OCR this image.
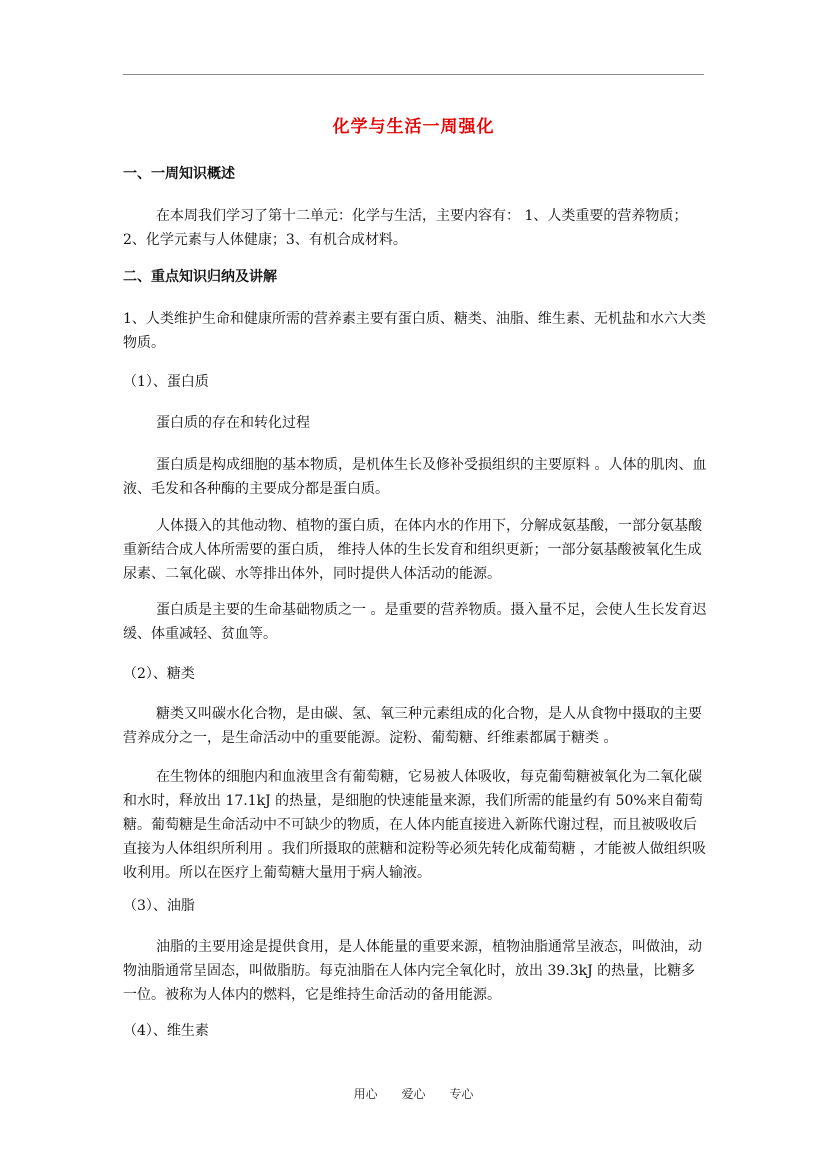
化学与生活一周强化
一、一周知识概述
在本周我们学习了第十二单元：化学与生活，主要内容有： 1、人类重要的营养物质；2、化学元素与人体健康；3、有机合成材料。
二、重点知识归纳及讲解
1、人类维护生命和健康所需的营养素主要有蛋白质、糖类、油脂、维生素、无机盐和水六大类物质。
（1）、蛋白质
蛋白质的存在和转化过程
蛋白质是构成细胞的基本物质，是机体生长及修补受损组织的主要原料 。人体的肌肉、血液、毛发和各种酶的主要成分都是蛋白质。
人体摄入的其他动物、植物的蛋白质，在体内水的作用下，分解成氨基酸，一部分氨基酸重新结合成人体所需要的蛋白质， 维持人体的生长发育和组织更新；一部分氨基酸被氧化生成尿素、二氧化碳、水等排出体外，同时提供人体活动的能源。
蛋白质是主要的生命基础物质之一 。是重要的营养物质。摄入量不足，会使人生长发育迟缓、体重减轻、贫血等。
（2）、糖类
糖类又叫碳水化合物，是由碳、氢、氧三种元素组成的化合物，是人从食物中摄取的主要营养成分之一，是生命活动中的重要能源。淀粉、葡萄糖、纤维素都属于糖类 。
在生物体的细胞内和血液里含有葡萄糖，它易被人体吸收，每克葡萄糖被氧化为二氧化碳和水时，释放出 17.1kJ 的热量，是细胞的快速能量来源，我们所需的能量约有 50%来自葡萄糖。葡萄糖是生命活动中不可缺少的物质，在人体内能直接进入新陈代谢过程，而且被吸收后直接为人体组织所利用 。我们所摄取的蔗糖和淀粉等必须先转化成葡萄糖 ，才能被人做组织吸收利用。所以在医疗上葡萄糖大量用于病人输液。
（3）、油脂
油脂的主要用途是提供食用，是人体能量的重要来源，植物油脂通常呈液态，叫做油，动物油脂通常呈固态，叫做脂肪。每克油脂在人体内完全氧化时，放出 39.3kJ 的热量，比糖多一位。被称为人体内的燃料，它是维持生命活动的备用能源。
（4）、维生素
用心 爱心 专心
